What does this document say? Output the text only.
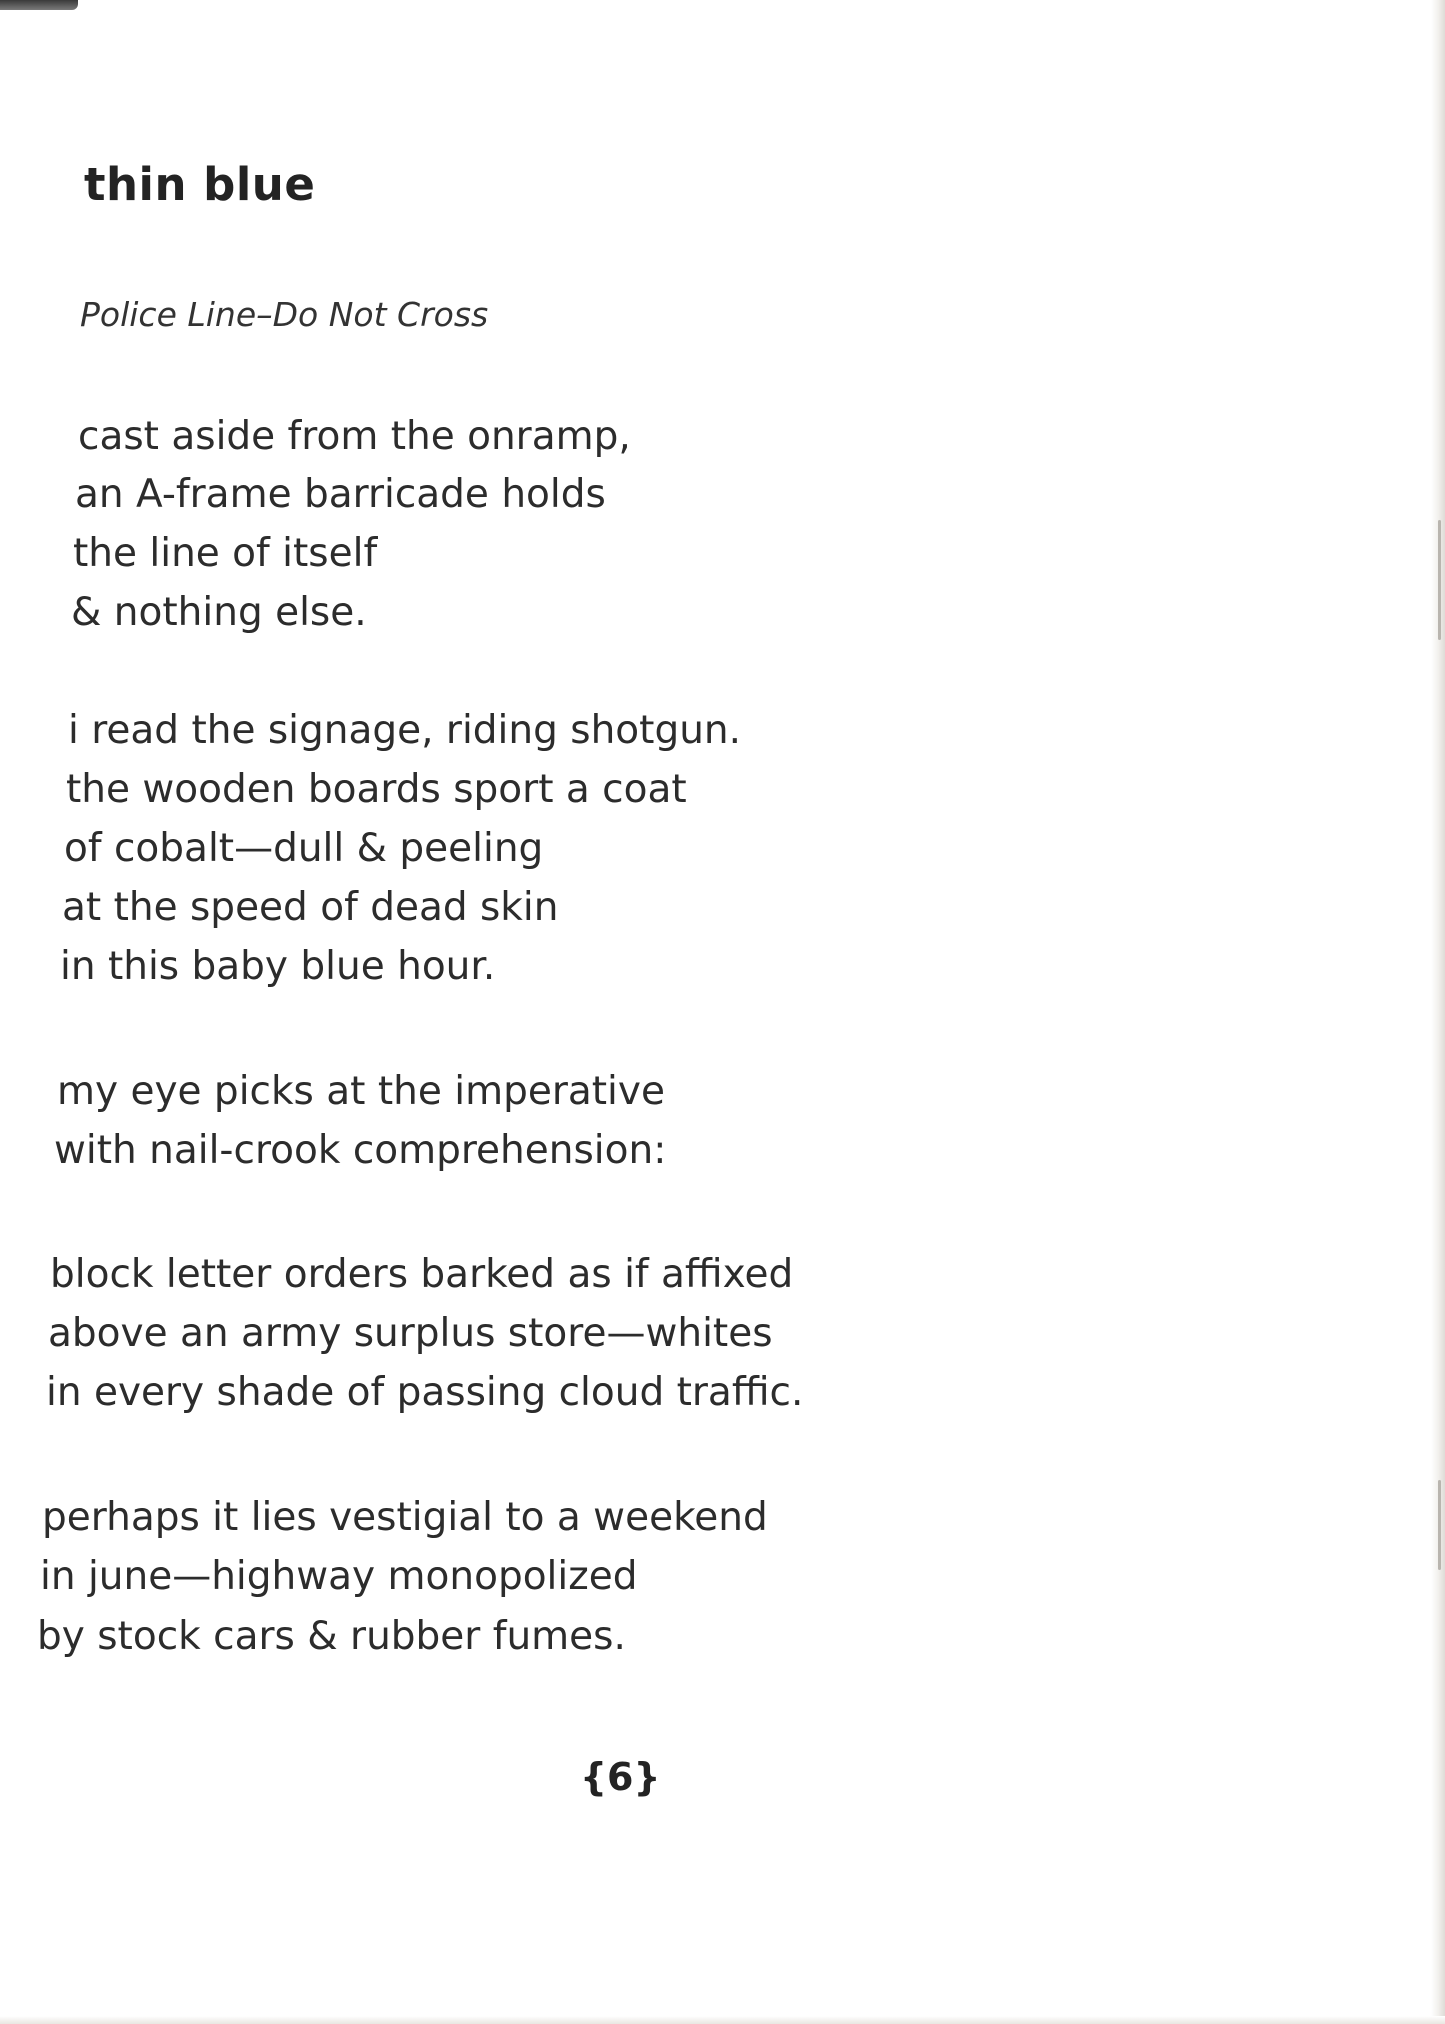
thin blue

Police Line–Do Not Cross

cast aside from the onramp,
an A-frame barricade holds
the line of itself
& nothing else.
i read the signage, riding shotgun.
the wooden boards sport a coat
of cobalt—dull & peeling
at the speed of dead skin
in this baby blue hour.
my eye picks at the imperative
with nail-crook comprehension:
block letter orders barked as if affixed
above an army surplus store—whites
in every shade of passing cloud traffic.
perhaps it lies vestigial to a weekend
in june—highway monopolized
by stock cars & rubber fumes.
{6}
